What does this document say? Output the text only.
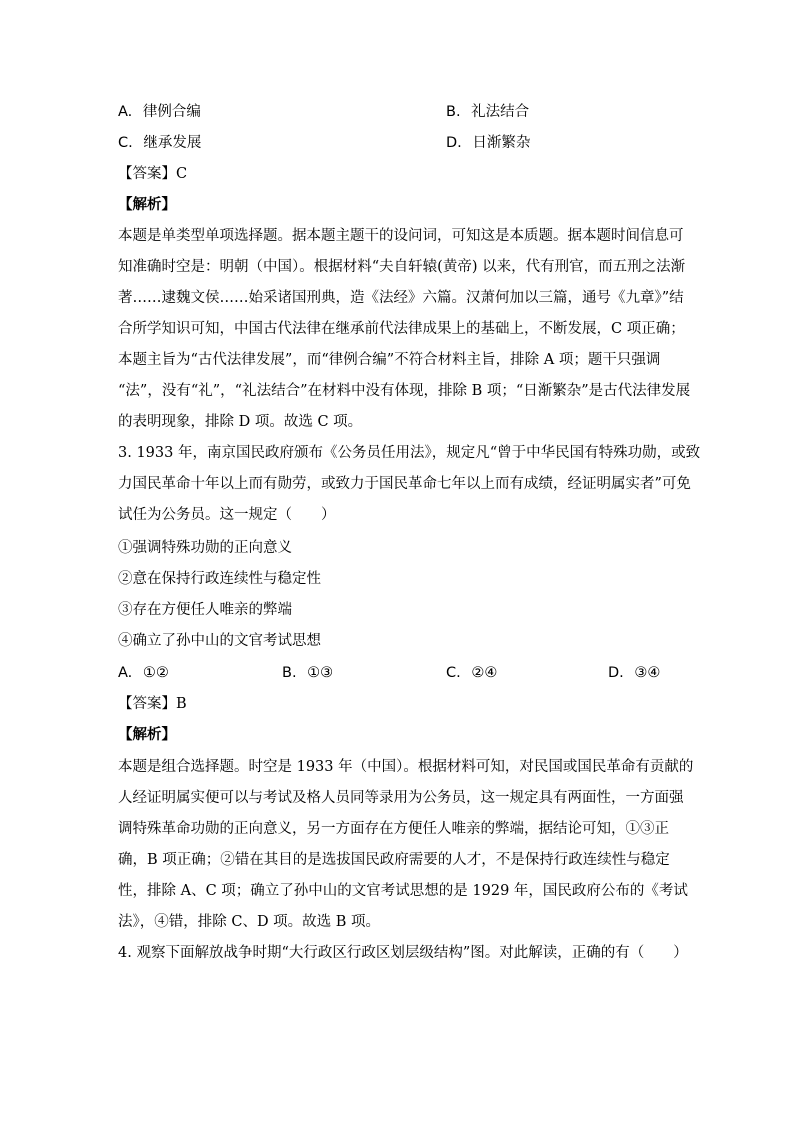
A. 律例合编	B. 礼法结合
C. 继承发展	D. 日渐繁杂
【答案】C
【解析】
本题是单类型单项选择题。据本题主题干的设问词，可知这是本质题。据本题时间信息可
知准确时空是：明朝（中国）。根据材料“夫自轩辕(黄帝) 以来，代有刑官，而五刑之法渐
著……逮魏文侯……始采诸国刑典，造《法经》六篇。汉萧何加以三篇，通号《九章》”结
合所学知识可知，中国古代法律在继承前代法律成果上的基础上，不断发展，C 项正确；
本题主旨为“古代法律发展”，而“律例合编”不符合材料主旨，排除 A 项；题干只强调
“法”，没有“礼”，“礼法结合”在材料中没有体现，排除 B 项；“日渐繁杂”是古代法律发展
的表明现象，排除 D 项。故选 C 项。
3. 1933 年，南京国民政府颁布《公务员任用法》，规定凡“曾于中华民国有特殊功勋，或致
力国民革命十年以上而有勋劳，或致力于国民革命七年以上而有成绩，经证明属实者”可免
试任为公务员。这一规定（　　）
①强调特殊功勋的正向意义
②意在保持行政连续性与稳定性
③存在方便任人唯亲的弊端
④确立了孙中山的文官考试思想
A. ①②	B. ①③	C. ②④	D. ③④
【答案】B
【解析】
本题是组合选择题。时空是 1933 年（中国）。根据材料可知，对民国或国民革命有贡献的
人经证明属实便可以与考试及格人员同等录用为公务员，这一规定具有两面性，一方面强
调特殊革命功勋的正向意义，另一方面存在方便任人唯亲的弊端，据结论可知，①③正
确，B 项正确；②错在其目的是选拔国民政府需要的人才，不是保持行政连续性与稳定
性，排除 A、C 项；确立了孙中山的文官考试思想的是 1929 年，国民政府公布的《考试
法》，④错，排除 C、D 项。故选 B 项。
4. 观察下面解放战争时期“大行政区行政区划层级结构”图。对此解读，正确的有（　　）
